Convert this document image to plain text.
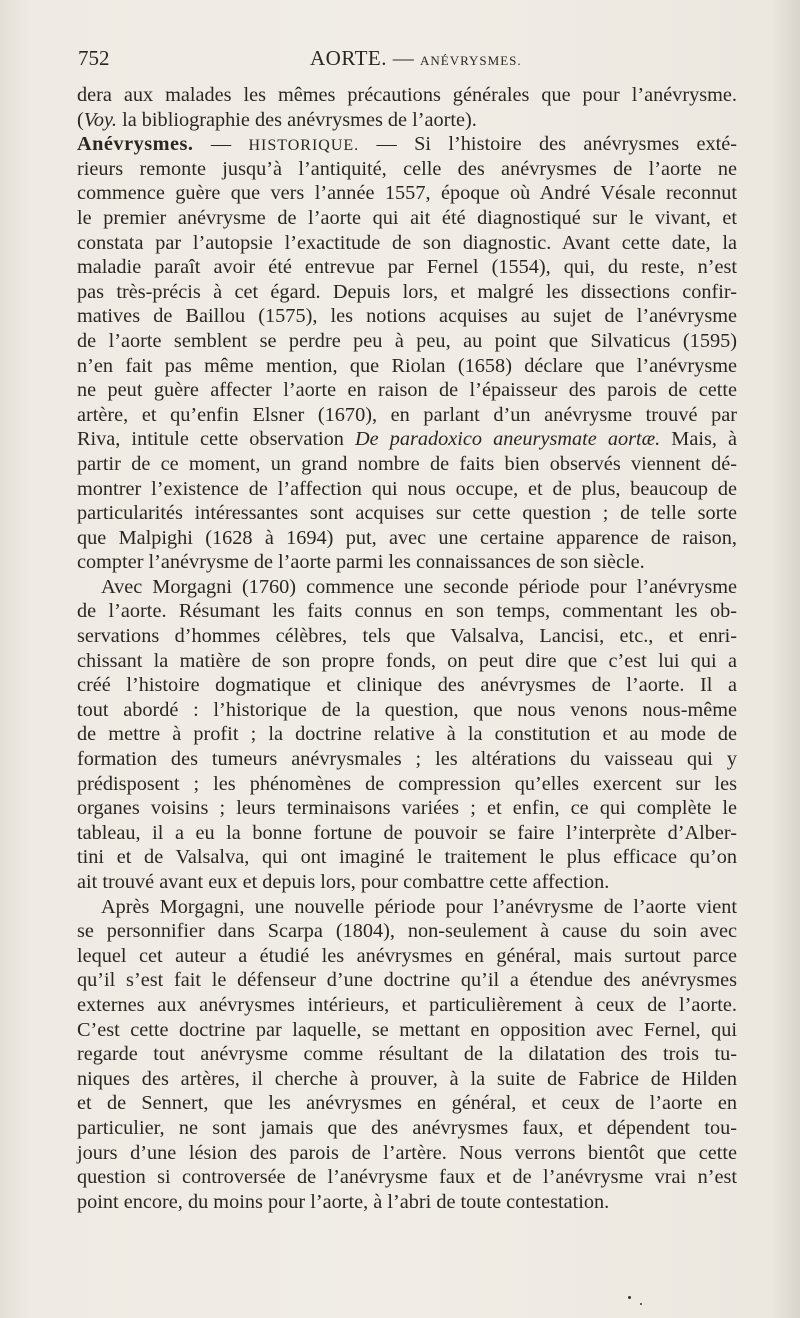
752	AORTE. — ANÉVRYSMES.
dera aux malades les mêmes précautions générales que pour l’anévrysme.
(Voy. la bibliographie des anévrysmes de l’aorte).
Anévrysmes. — HISTORIQUE. — Si l’histoire des anévrysmes exté-
rieurs remonte jusqu’à l’antiquité, celle des anévrysmes de l’aorte ne
commence guère que vers l’année 1557, époque où André Vésale reconnut
le premier anévrysme de l’aorte qui ait été diagnostiqué sur le vivant, et
constata par l’autopsie l’exactitude de son diagnostic. Avant cette date, la
maladie paraît avoir été entrevue par Fernel (1554), qui, du reste, n’est
pas très-précis à cet égard. Depuis lors, et malgré les dissections confir-
matives de Baillou (1575), les notions acquises au sujet de l’anévrysme
de l’aorte semblent se perdre peu à peu, au point que Silvaticus (1595)
n’en fait pas même mention, que Riolan (1658) déclare que l’anévrysme
ne peut guère affecter l’aorte en raison de l’épaisseur des parois de cette
artère, et qu’enfin Elsner (1670), en parlant d’un anévrysme trouvé par
Riva, intitule cette observation De paradoxico aneurysmate aortæ. Mais, à
partir de ce moment, un grand nombre de faits bien observés viennent dé-
montrer l’existence de l’affection qui nous occupe, et de plus, beaucoup de
particularités intéressantes sont acquises sur cette question ; de telle sorte
que Malpighi (1628 à 1694) put, avec une certaine apparence de raison,
compter l’anévrysme de l’aorte parmi les connaissances de son siècle.
Avec Morgagni (1760) commence une seconde période pour l’anévrysme
de l’aorte. Résumant les faits connus en son temps, commentant les ob-
servations d’hommes célèbres, tels que Valsalva, Lancisi, etc., et enri-
chissant la matière de son propre fonds, on peut dire que c’est lui qui a
créé l’histoire dogmatique et clinique des anévrysmes de l’aorte. Il a
tout abordé : l’historique de la question, que nous venons nous-même
de mettre à profit ; la doctrine relative à la constitution et au mode de
formation des tumeurs anévrysmales ; les altérations du vaisseau qui y
prédisposent ; les phénomènes de compression qu’elles exercent sur les
organes voisins ; leurs terminaisons variées ; et enfin, ce qui complète le
tableau, il a eu la bonne fortune de pouvoir se faire l’interprète d’Alber-
tini et de Valsalva, qui ont imaginé le traitement le plus efficace qu’on
ait trouvé avant eux et depuis lors, pour combattre cette affection.
Après Morgagni, une nouvelle période pour l’anévrysme de l’aorte vient
se personnifier dans Scarpa (1804), non-seulement à cause du soin avec
lequel cet auteur a étudié les anévrysmes en général, mais surtout parce
qu’il s’est fait le défenseur d’une doctrine qu’il a étendue des anévrysmes
externes aux anévrysmes intérieurs, et particulièrement à ceux de l’aorte.
C’est cette doctrine par laquelle, se mettant en opposition avec Fernel, qui
regarde tout anévrysme comme résultant de la dilatation des trois tu-
niques des artères, il cherche à prouver, à la suite de Fabrice de Hilden
et de Sennert, que les anévrysmes en général, et ceux de l’aorte en
particulier, ne sont jamais que des anévrysmes faux, et dépendent tou-
jours d’une lésion des parois de l’artère. Nous verrons bientôt que cette
question si controversée de l’anévrysme faux et de l’anévrysme vrai n’est
point encore, du moins pour l’aorte, à l’abri de toute contestation.
